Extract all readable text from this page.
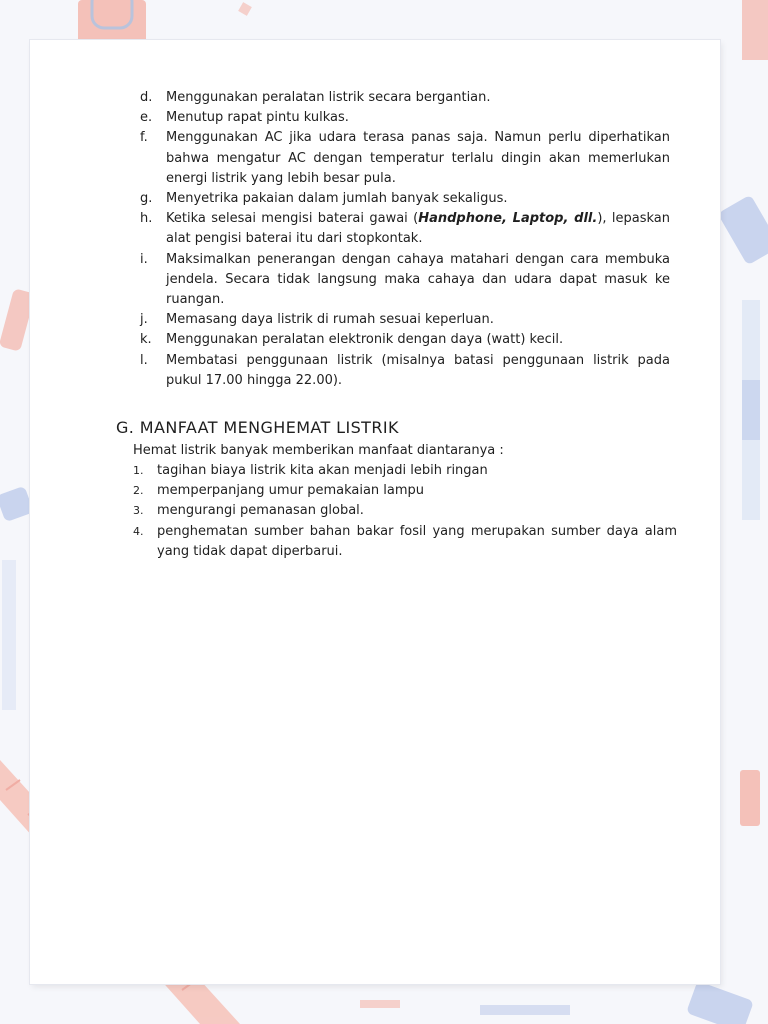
d.	Menggunakan peralatan listrik secara bergantian.
e.	Menutup rapat pintu kulkas.
f.	Menggunakan AC jika udara terasa panas saja. Namun perlu diperhatikan bahwa mengatur AC dengan temperatur terlalu dingin akan memerlukan energi listrik yang lebih besar pula.
g.	Menyetrika pakaian dalam jumlah banyak sekaligus.
h.	Ketika selesai mengisi baterai gawai (Handphone, Laptop, dll.), lepaskan alat pengisi baterai itu dari stopkontak.
i.	Maksimalkan penerangan dengan cahaya matahari dengan cara membuka jendela. Secara tidak langsung maka cahaya dan udara dapat masuk ke ruangan.
j.	Memasang daya listrik di rumah sesuai keperluan.
k.	Menggunakan peralatan elektronik dengan daya (watt) kecil.
l.	Membatasi penggunaan listrik (misalnya batasi penggunaan listrik pada pukul 17.00 hingga 22.00).
G. MANFAAT MENGHEMAT LISTRIK

Hemat listrik banyak memberikan manfaat diantaranya :

1.	tagihan biaya listrik kita akan menjadi lebih ringan
2.	memperpanjang umur pemakaian lampu
3.	mengurangi pemanasan global.
4.	penghematan sumber bahan bakar fosil yang merupakan sumber daya alam yang tidak dapat diperbarui.
